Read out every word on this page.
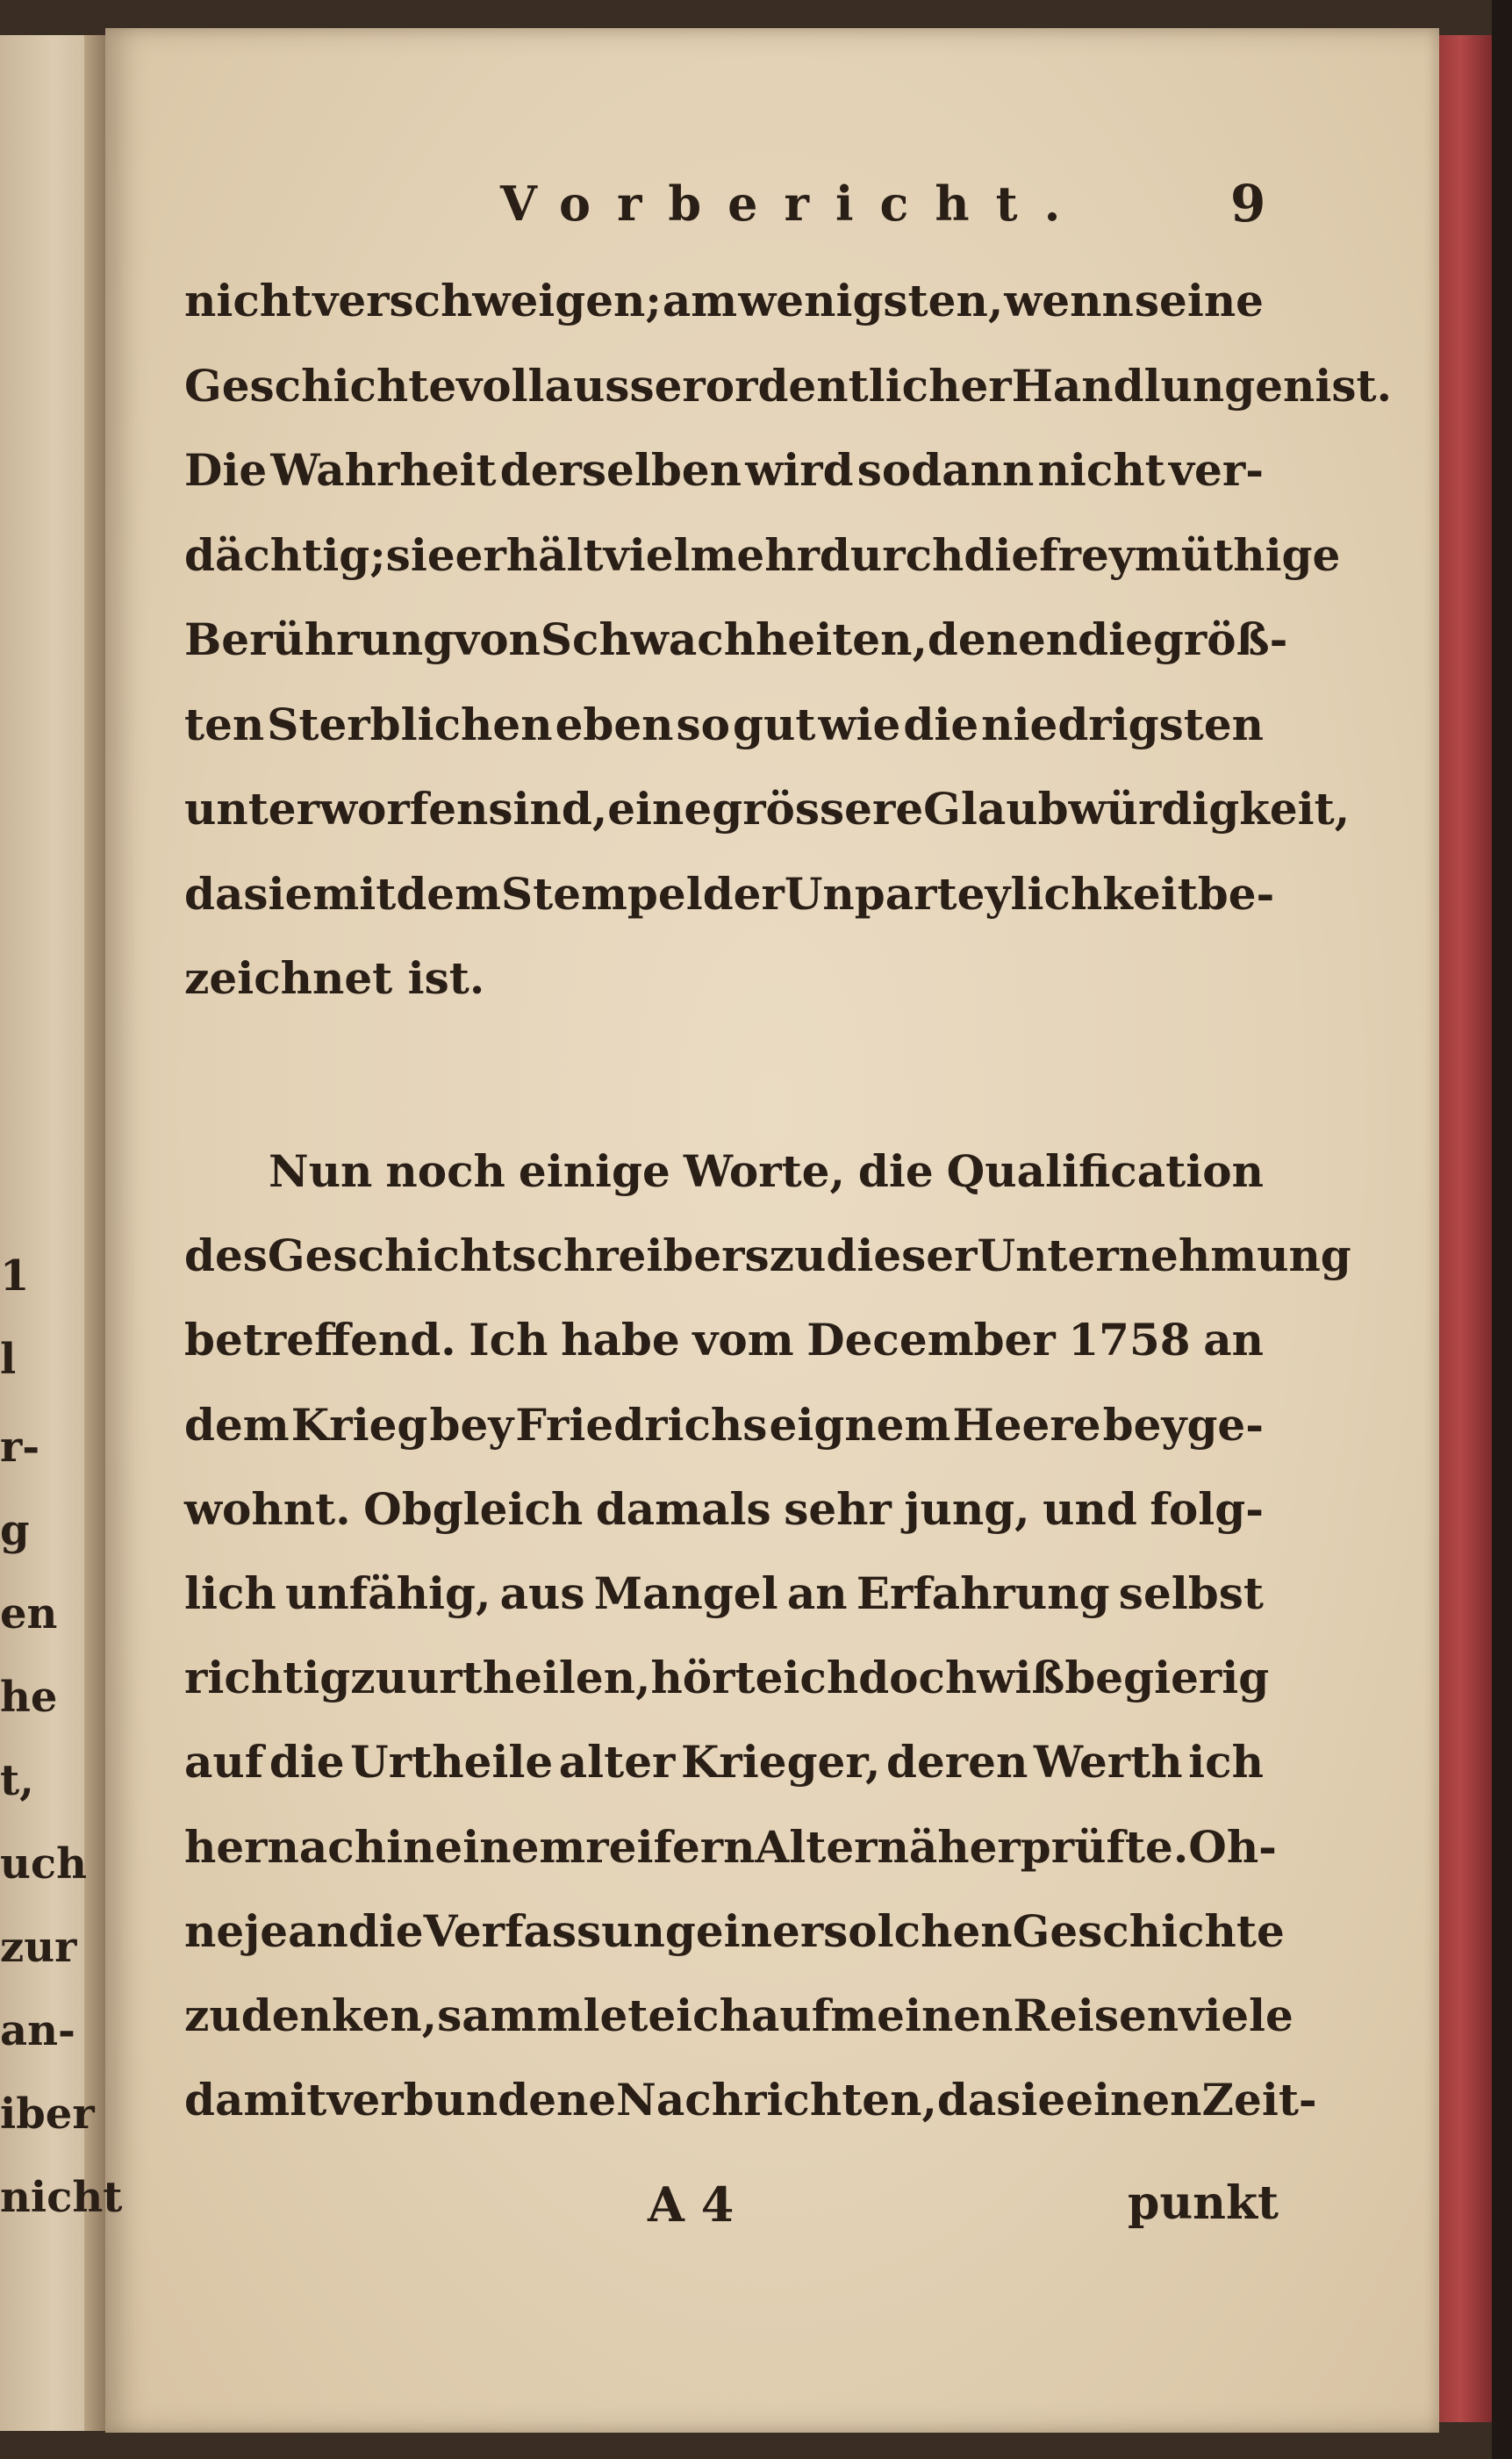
1
l
r-
g
en
he
t,
uch
zur
an-
iber
nicht
Vorbericht.	9
nicht verschweigen; am wenigsten, wenn seine
Geschichte voll ausserordentlicher Handlungen ist.
Die Wahrheit derselben wird sodann nicht ver-
dächtig; sie erhält vielmehr durch die freymüthige
Berührung von Schwachheiten, denen die größ-
ten Sterblichen eben so gut wie die niedrigsten
unterworfen sind, eine grössere Glaubwürdigkeit,
da sie mit dem Stempel der Unparteylichkeit be-
zeichnet ist.
Nun noch einige Worte, die Qualification
des Geschichtschreibers zu dieser Unternehmung
betreffend. Ich habe vom December 1758 an
dem Krieg bey Friedrichs eignem Heere beyge-
wohnt. Obgleich damals sehr jung, und folg-
lich unfähig, aus Mangel an Erfahrung selbst
richtig zu urtheilen, hörte ich doch wißbegierig
auf die Urtheile alter Krieger, deren Werth ich
hernach in einem reifern Alter näher prüfte. Oh-
ne je an die Verfassung einer solchen Geschichte
zu denken, sammlete ich auf meinen Reisen viele
damit verbundene Nachrichten, da sie einen Zeit-
A 4	punkt
